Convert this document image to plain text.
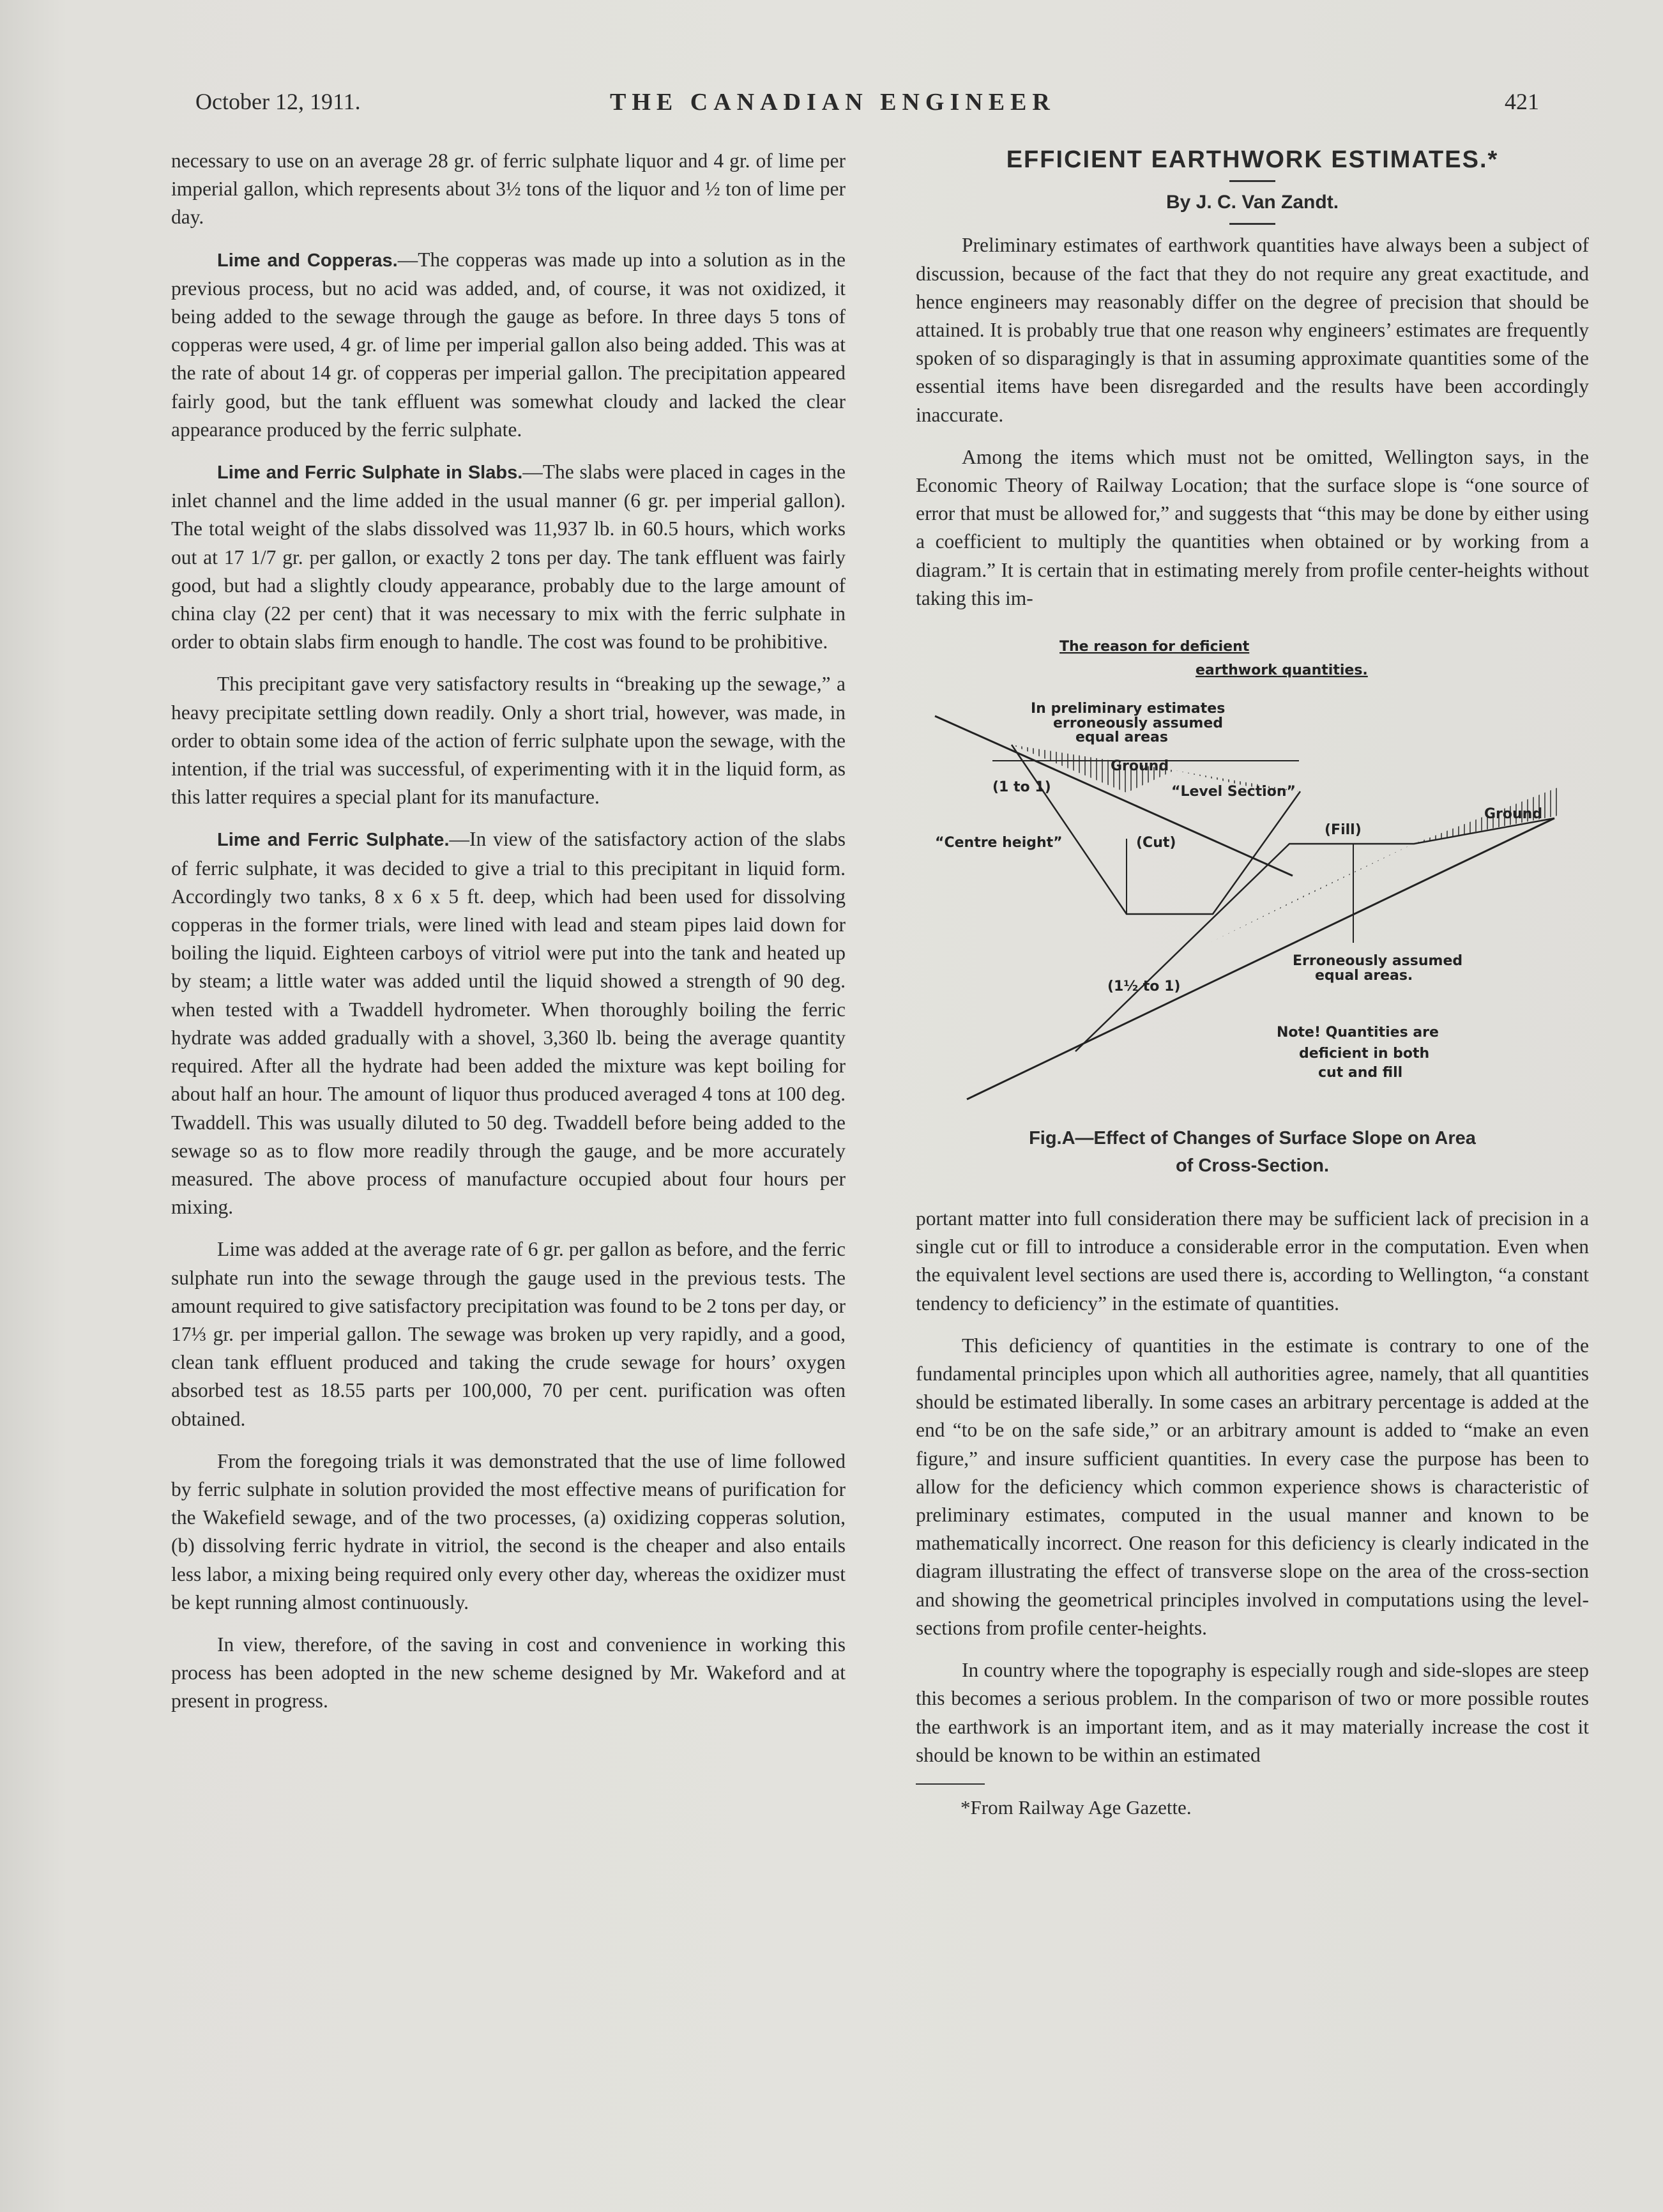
October 12, 1911.	THE CANADIAN ENGINEER	421

necessary to use on an average 28 gr. of ferric sulphate liquor and 4 gr. of lime per imperial gallon, which represents about 3½ tons of the liquor and ½ ton of lime per day.

Lime and Copperas.—The copperas was made up into a solution as in the previous process, but no acid was added, and, of course, it was not oxidized, it being added to the sewage through the gauge as before. In three days 5 tons of copperas were used, 4 gr. of lime per imperial gallon also being added. This was at the rate of about 14 gr. of copperas per imperial gallon. The precipitation appeared fairly good, but the tank effluent was somewhat cloudy and lacked the clear appearance produced by the ferric sulphate.

Lime and Ferric Sulphate in Slabs.—The slabs were placed in cages in the inlet channel and the lime added in the usual manner (6 gr. per imperial gallon). The total weight of the slabs dissolved was 11,937 lb. in 60.5 hours, which works out at 17 1/7 gr. per gallon, or exactly 2 tons per day. The tank effluent was fairly good, but had a slightly cloudy appearance, probably due to the large amount of china clay (22 per cent) that it was necessary to mix with the ferric sulphate in order to obtain slabs firm enough to handle. The cost was found to be prohibitive.

This precipitant gave very satisfactory results in “breaking up the sewage,” a heavy precipitate settling down readily. Only a short trial, however, was made, in order to obtain some idea of the action of ferric sulphate upon the sewage, with the intention, if the trial was successful, of experimenting with it in the liquid form, as this latter requires a special plant for its manufacture.

Lime and Ferric Sulphate.—In view of the satisfactory action of the slabs of ferric sulphate, it was decided to give a trial to this precipitant in liquid form. Accordingly two tanks, 8 x 6 x 5 ft. deep, which had been used for dissolving copperas in the former trials, were lined with lead and steam pipes laid down for boiling the liquid. Eighteen carboys of vitriol were put into the tank and heated up by steam; a little water was added until the liquid showed a strength of 90 deg. when tested with a Twaddell hydrometer. When thoroughly boiling the ferric hydrate was added gradually with a shovel, 3,360 lb. being the average quantity required. After all the hydrate had been added the mixture was kept boiling for about half an hour. The amount of liquor thus produced averaged 4 tons at 100 deg. Twaddell. This was usually diluted to 50 deg. Twaddell before being added to the sewage so as to flow more readily through the gauge, and be more accurately measured. The above process of manufacture occupied about four hours per mixing.

Lime was added at the average rate of 6 gr. per gallon as before, and the ferric sulphate run into the sewage through the gauge used in the previous tests. The amount required to give satisfactory precipitation was found to be 2 tons per day, or 17⅓ gr. per imperial gallon. The sewage was broken up very rapidly, and a good, clean tank effluent produced and taking the crude sewage for hours’ oxygen absorbed test as 18.55 parts per 100,000, 70 per cent. purification was often obtained.

From the foregoing trials it was demonstrated that the use of lime followed by ferric sulphate in solution provided the most effective means of purification for the Wakefield sewage, and of the two processes, (a) oxidizing copperas solution, (b) dissolving ferric hydrate in vitriol, the second is the cheaper and also entails less labor, a mixing being required only every other day, whereas the oxidizer must be kept running almost continuously.

In view, therefore, of the saving in cost and convenience in working this process has been adopted in the new scheme designed by Mr. Wakeford and at present in progress.

EFFICIENT EARTHWORK ESTIMATES.*
By J. C. Van Zandt.

Preliminary estimates of earthwork quantities have always been a subject of discussion, because of the fact that they do not require any great exactitude, and hence engineers may reasonably differ on the degree of precision that should be attained. It is probably true that one reason why engineers’ estimates are frequently spoken of so disparagingly is that in assuming approximate quantities some of the essential items have been disregarded and the results have been accordingly inaccurate.

Among the items which must not be omitted, Wellington says, in the Economic Theory of Railway Location; that the surface slope is “one source of error that must be allowed for,” and suggests that “this may be done by either using a coefficient to multiply the quantities when obtained or by working from a diagram.” It is certain that in estimating merely from profile center-heights without taking this im-

The reason for deficient
earthwork quantities.
In preliminary estimates
erroneously assumed
equal areas
Ground
“Level Section”
(1 to 1)
“Centre height”	(Cut)
(Fill)
Ground
(1½ to 1)
Erroneously assumed
equal areas.
Note! Quantities are
deficient in both
cut and fill
Fig.A—Effect of Changes of Surface Slope on Area
of Cross-Section.

portant matter into full consideration there may be sufficient lack of precision in a single cut or fill to introduce a considerable error in the computation. Even when the equivalent level sections are used there is, according to Wellington, “a constant tendency to deficiency” in the estimate of quantities.

This deficiency of quantities in the estimate is contrary to one of the fundamental principles upon which all authorities agree, namely, that all quantities should be estimated liberally. In some cases an arbitrary percentage is added at the end “to be on the safe side,” or an arbitrary amount is added to “make an even figure,” and insure sufficient quantities. In every case the purpose has been to allow for the deficiency which common experience shows is characteristic of preliminary estimates, computed in the usual manner and known to be mathematically incorrect. One reason for this deficiency is clearly indicated in the diagram illustrating the effect of transverse slope on the area of the cross-section and showing the geometrical principles involved in computations using the level-sections from profile center-heights.

In country where the topography is especially rough and side-slopes are steep this becomes a serious problem. In the comparison of two or more possible routes the earthwork is an important item, and as it may materially increase the cost it should be known to be within an estimated

*From Railway Age Gazette.
